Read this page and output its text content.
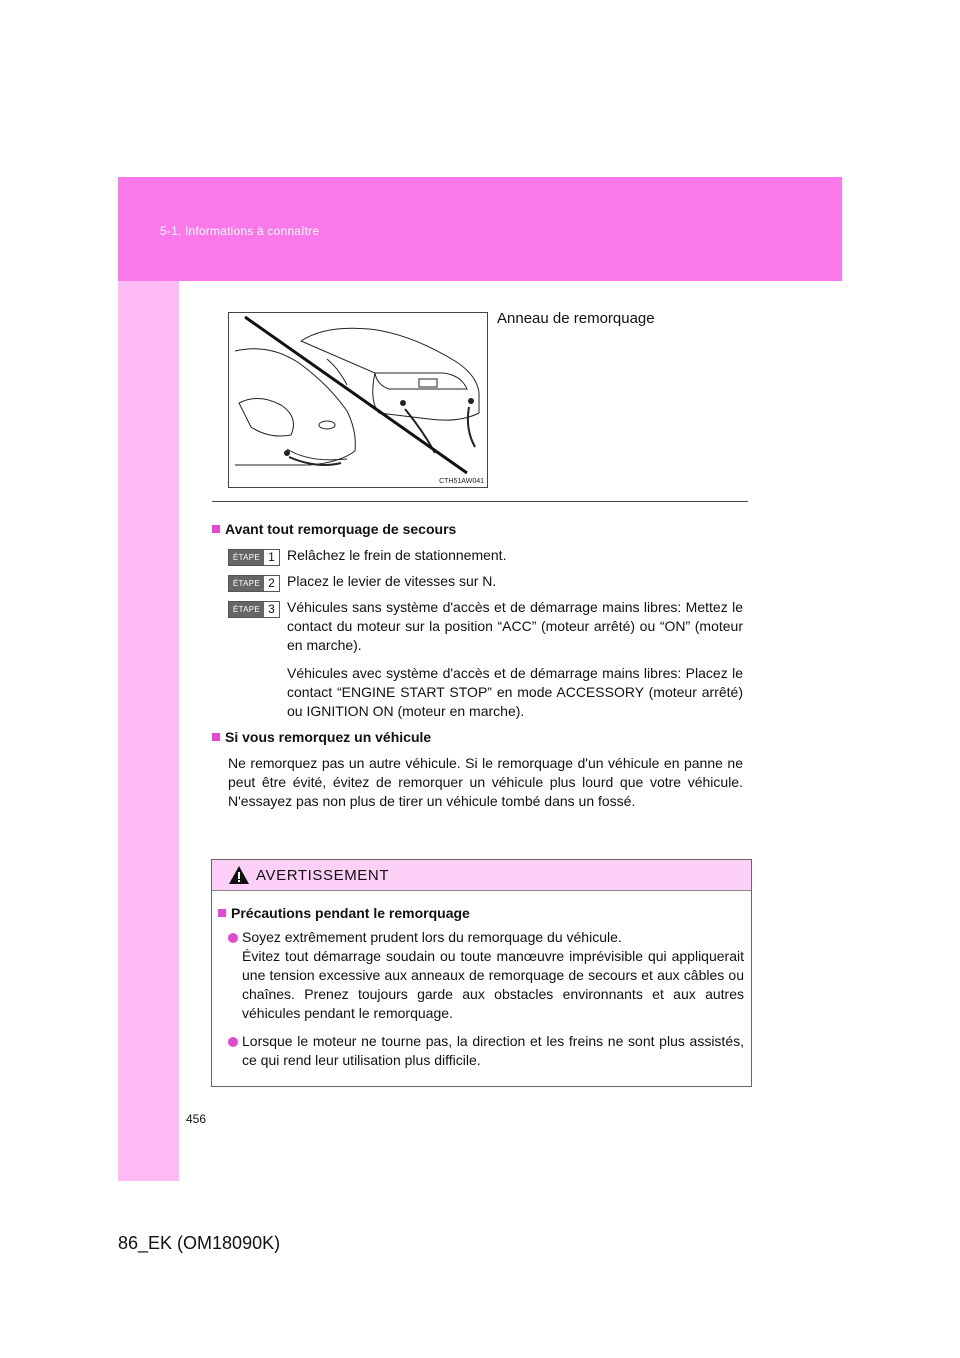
5-1. Informations à connaître
CTH51AW041
Anneau de remorquage
Avant tout remorquage de secours
ÉTAPE 1 Relâchez le frein de stationnement.
ÉTAPE 2 Placez le levier de vitesses sur N.
ÉTAPE 3 Véhicules sans système d'accès et de démarrage mains libres: Mettez le contact du moteur sur la position “ACC” (moteur arrêté) ou “ON” (moteur en marche).
Véhicules avec système d'accès et de démarrage mains libres: Placez le contact “ENGINE START STOP” en mode ACCESSORY (moteur arrêté) ou IGNITION ON (moteur en marche).
Si vous remorquez un véhicule
Ne remorquez pas un autre véhicule. Si le remorquage d'un véhicule en panne ne peut être évité, évitez de remorquer un véhicule plus lourd que votre véhicule. N'essayez pas non plus de tirer un véhicule tombé dans un fossé.
AVERTISSEMENT
Précautions pendant le remorquage
Soyez extrêmement prudent lors du remorquage du véhicule.
Évitez tout démarrage soudain ou toute manœuvre imprévisible qui appliquerait une tension excessive aux anneaux de remorquage de secours et aux câbles ou chaînes. Prenez toujours garde aux obstacles environnants et aux autres véhicules pendant le remorquage.
Lorsque le moteur ne tourne pas, la direction et les freins ne sont plus assistés, ce qui rend leur utilisation plus difficile.
456
86_EK (OM18090K)
